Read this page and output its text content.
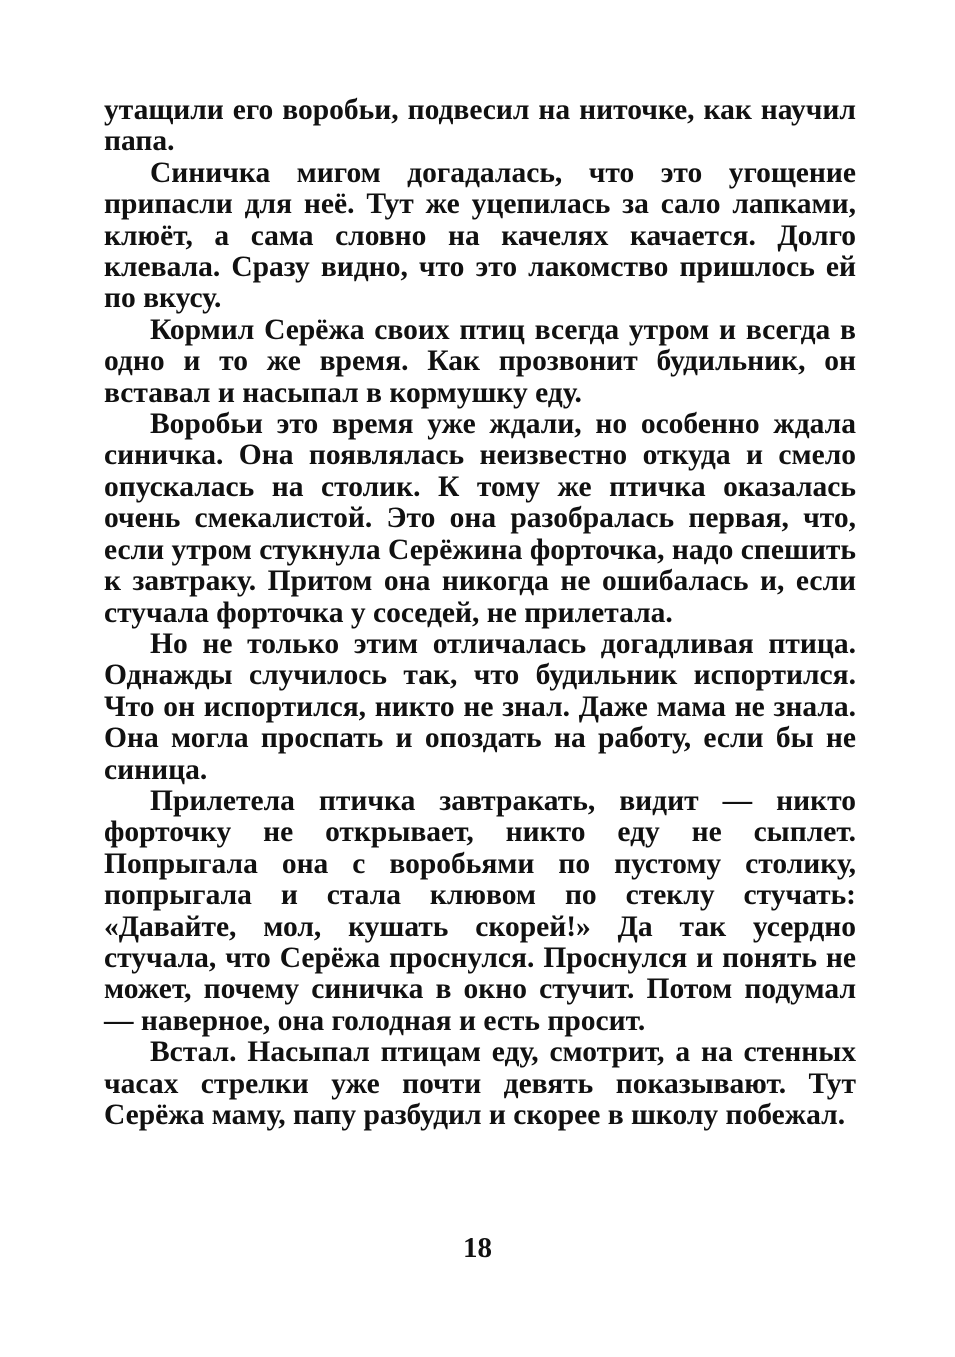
утащили его воробьи, подвесил на ниточке, как научил папа.

Синичка мигом догадалась, что это угощение припасли для неё. Тут же уцепилась за сало лапками, клюёт, а сама словно на качелях качается. Долго клевала. Сразу видно, что это лакомство пришлось ей по вкусу.

Кормил Серёжа своих птиц всегда утром и всегда в одно и то же время. Как прозвонит будильник, он вставал и насыпал в кормушку еду.

Воробьи это время уже ждали, но особенно ждала синичка. Она появлялась неизвестно откуда и смело опускалась на столик. К тому же птичка оказалась очень смекалистой. Это она разобралась первая, что, если утром стукнула Серёжина форточка, надо спешить к завтраку. Притом она никогда не ошибалась и, если стучала форточка у соседей, не прилетала.

Но не только этим отличалась догадливая птица. Однажды случилось так, что будильник испортился. Что он испортился, никто не знал. Даже мама не знала. Она могла проспать и опоздать на работу, если бы не синица.

Прилетела птичка завтракать, видит — никто форточку не открывает, никто еду не сыплет. Попрыгала она с воробьями по пустому столику, попрыгала и стала клювом по стеклу стучать: «Давайте, мол, кушать скорей!» Да так усердно стучала, что Серёжа проснулся. Проснулся и понять не может, почему синичка в окно стучит. Потом подумал — наверное, она голодная и есть просит.

Встал. Насыпал птицам еду, смотрит, а на стенных часах стрелки уже почти девять показывают. Тут Серёжа маму, папу разбудил и скорее в школу побежал.

18
